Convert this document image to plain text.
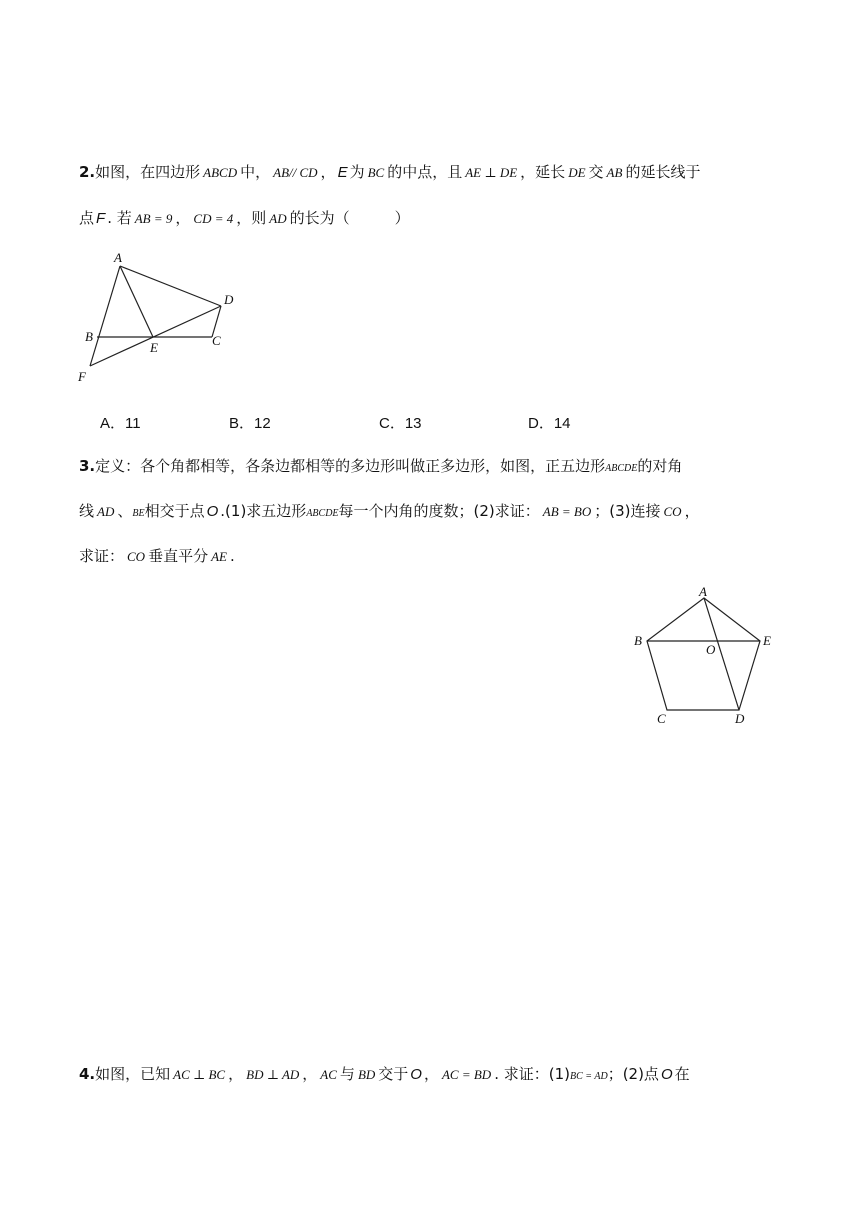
2.如图，在四边形 ABCD 中， AB// CD ， E 为 BC 的中点，且 AE ⊥ DE ，延长 DE 交 AB 的延长线于
点 F . 若 AB = 9 ， CD = 4 ，则 AD 的长为（　　　）
A
D
B
E	C
F
A．11	B．12	C．13	D．14
3.定义：各个角都相等，各条边都相等的多边形叫做正多边形，如图，正五边形ABCDE的对角
线 AD 、BE相交于点 O .(1)求五边形ABCDE每一个内角的度数；(2)求证： AB = BO ；(3)连接 CO ，
求证： CO 垂直平分 AE .
A
B	E
O
C	D
4.如图，已知 AC ⊥ BC ， BD ⊥ AD ， AC 与 BD 交于 O ， AC = BD . 求证：(1)BC = AD；(2)点 O 在
